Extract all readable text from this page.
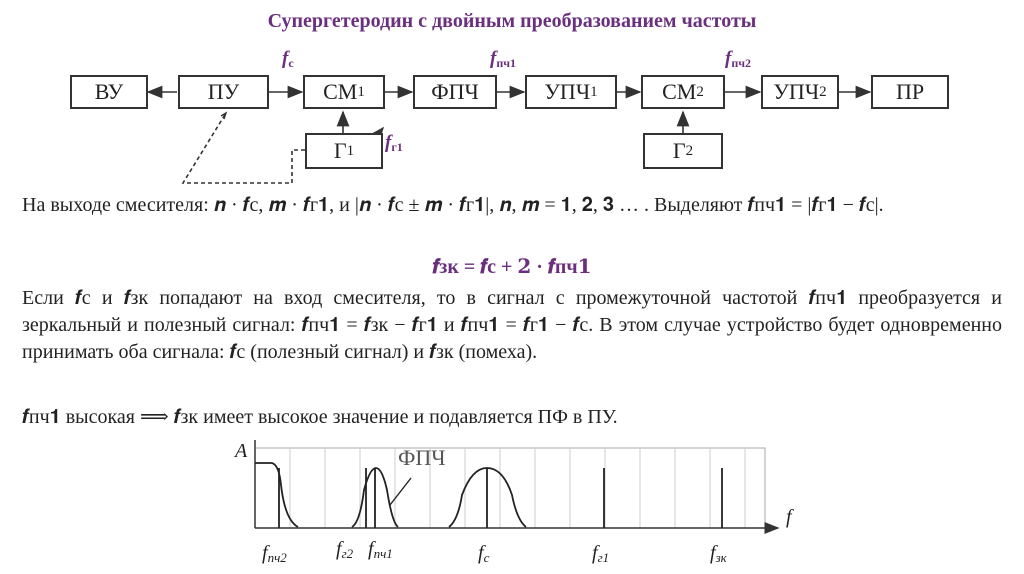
Супергетеродин с двойным преобразованием частоты
ВУ	ПУ	СМ 1	ФПЧ	УПЧ 1	СМ 2	УПЧ 2	ПР
Г 1	Г 2
fс	fпч1	fпч2
fг1
На выходе смесителя: 𝒏 · 𝒇с, 𝒎 · 𝒇г𝟏, и |𝒏 · 𝒇с ± 𝒎 · 𝒇г𝟏|, 𝒏, 𝒎 = 𝟏, 𝟐, 𝟑 … . Выделяют 𝒇пч𝟏 = |𝒇г𝟏 − 𝒇с|.
𝒇зк = 𝒇с + 𝟐 · 𝒇пч𝟏
Если 𝒇с и 𝒇зк попадают на вход смесителя, то в сигнал с промежуточной частотой 𝒇пч𝟏 преобразуется и зеркальный и полезный сигнал: 𝒇пч𝟏 = 𝒇зк − 𝒇г𝟏 и 𝒇пч𝟏 = 𝒇г𝟏 − 𝒇с. В этом случае устройство будет одновременно принимать оба сигнала: 𝒇с (полезный сигнал) и 𝒇зк (помеха).
𝒇пч𝟏 высокая ⟹ 𝒇зк имеет высокое значение и подавляется ПФ в ПУ.
A
f
ФПЧ
fпч2 fг2 fпч1	fс	fг1	fзк
